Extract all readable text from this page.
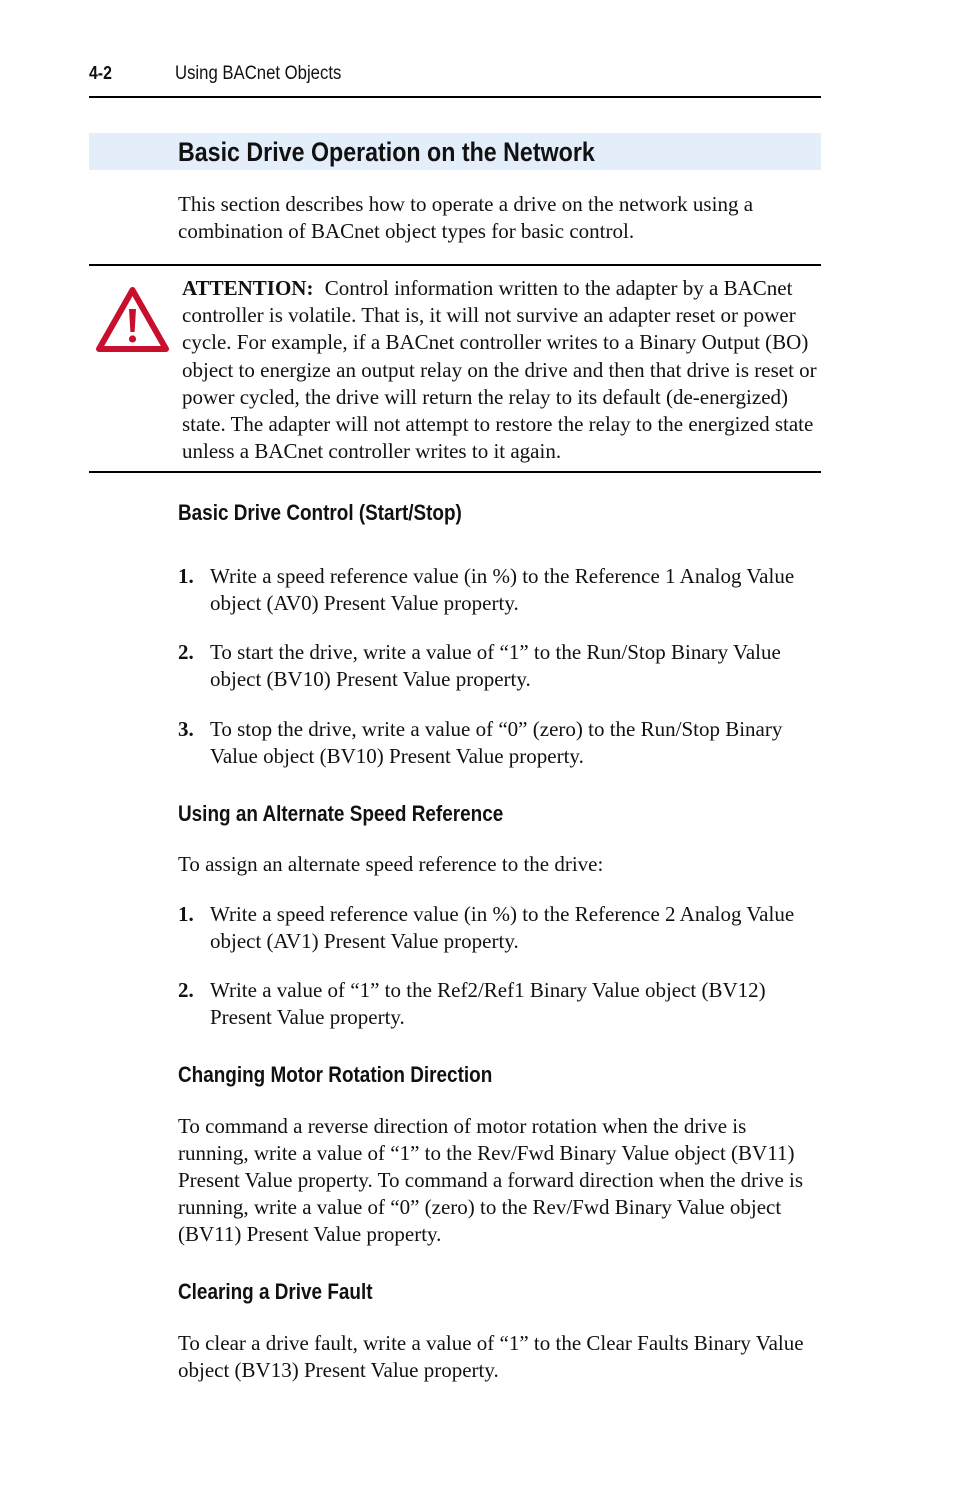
4-2	Using BACnet Objects
Basic Drive Operation on the Network

This section describes how to operate a drive on the network using a combination of BACnet object types for basic control.

ATTENTION: Control information written to the adapter by a BACnet controller is volatile. That is, it will not survive an adapter reset or power cycle. For example, if a BACnet controller writes to a Binary Output (BO) object to energize an output relay on the drive and then that drive is reset or power cycled, the drive will return the relay to its default (de-energized) state. The adapter will not attempt to restore the relay to the energized state unless a BACnet controller writes to it again.

Basic Drive Control (Start/Stop)
1. Write a speed reference value (in %) to the Reference 1 Analog Value object (AV0) Present Value property.
2. To start the drive, write a value of “1” to the Run/Stop Binary Value object (BV10) Present Value property.
3. To stop the drive, write a value of “0” (zero) to the Run/Stop Binary Value object (BV10) Present Value property.
Using an Alternate Speed Reference

To assign an alternate speed reference to the drive:

1. Write a speed reference value (in %) to the Reference 2 Analog Value object (AV1) Present Value property.
2. Write a value of “1” to the Ref2/Ref1 Binary Value object (BV12) Present Value property.
Changing Motor Rotation Direction

To command a reverse direction of motor rotation when the drive is running, write a value of “1” to the Rev/Fwd Binary Value object (BV11) Present Value property. To command a forward direction when the drive is running, write a value of “0” (zero) to the Rev/Fwd Binary Value object (BV11) Present Value property.

Clearing a Drive Fault

To clear a drive fault, write a value of “1” to the Clear Faults Binary Value object (BV13) Present Value property.
